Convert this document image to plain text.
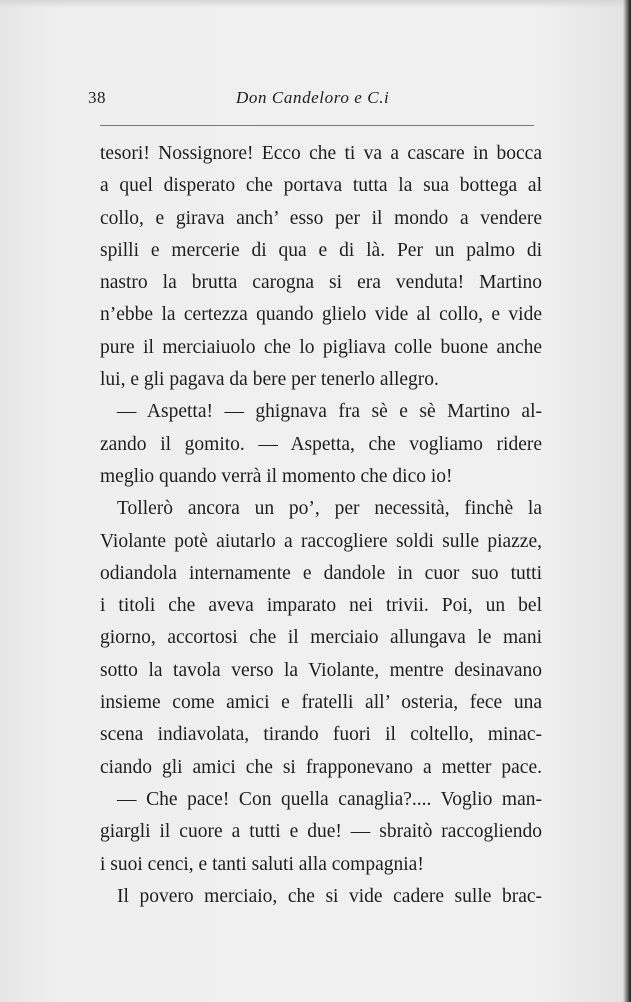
38	Don Candeloro e C.i
tesori! Nossignore! Ecco che ti va a cascare in bocca
a quel disperato che portava tutta la sua bottega al
collo, e girava anch’ esso per il mondo a vendere
spilli e mercerie di qua e di là. Per un palmo di
nastro la brutta carogna si era venduta! Martino
n’ebbe la certezza quando glielo vide al collo, e vide
pure il merciaiuolo che lo pigliava colle buone anche
lui, e gli pagava da bere per tenerlo allegro.
— Aspetta! — ghignava fra sè e sè Martino al-
zando il gomito. — Aspetta, che vogliamo ridere
meglio quando verrà il momento che dico io!
Tollerò ancora un po’, per necessità, finchè la
Violante potè aiutarlo a raccogliere soldi sulle piazze,
odiandola internamente e dandole in cuor suo tutti
i titoli che aveva imparato nei trivii. Poi, un bel
giorno, accortosi che il merciaio allungava le mani
sotto la tavola verso la Violante, mentre desinavano
insieme come amici e fratelli all’ osteria, fece una
scena indiavolata, tirando fuori il coltello, minac-
ciando gli amici che si frapponevano a metter pace.
— Che pace! Con quella canaglia?.... Voglio man-
giargli il cuore a tutti e due! — sbraitò raccogliendo
i suoi cenci, e tanti saluti alla compagnia!
Il povero merciaio, che si vide cadere sulle brac-
